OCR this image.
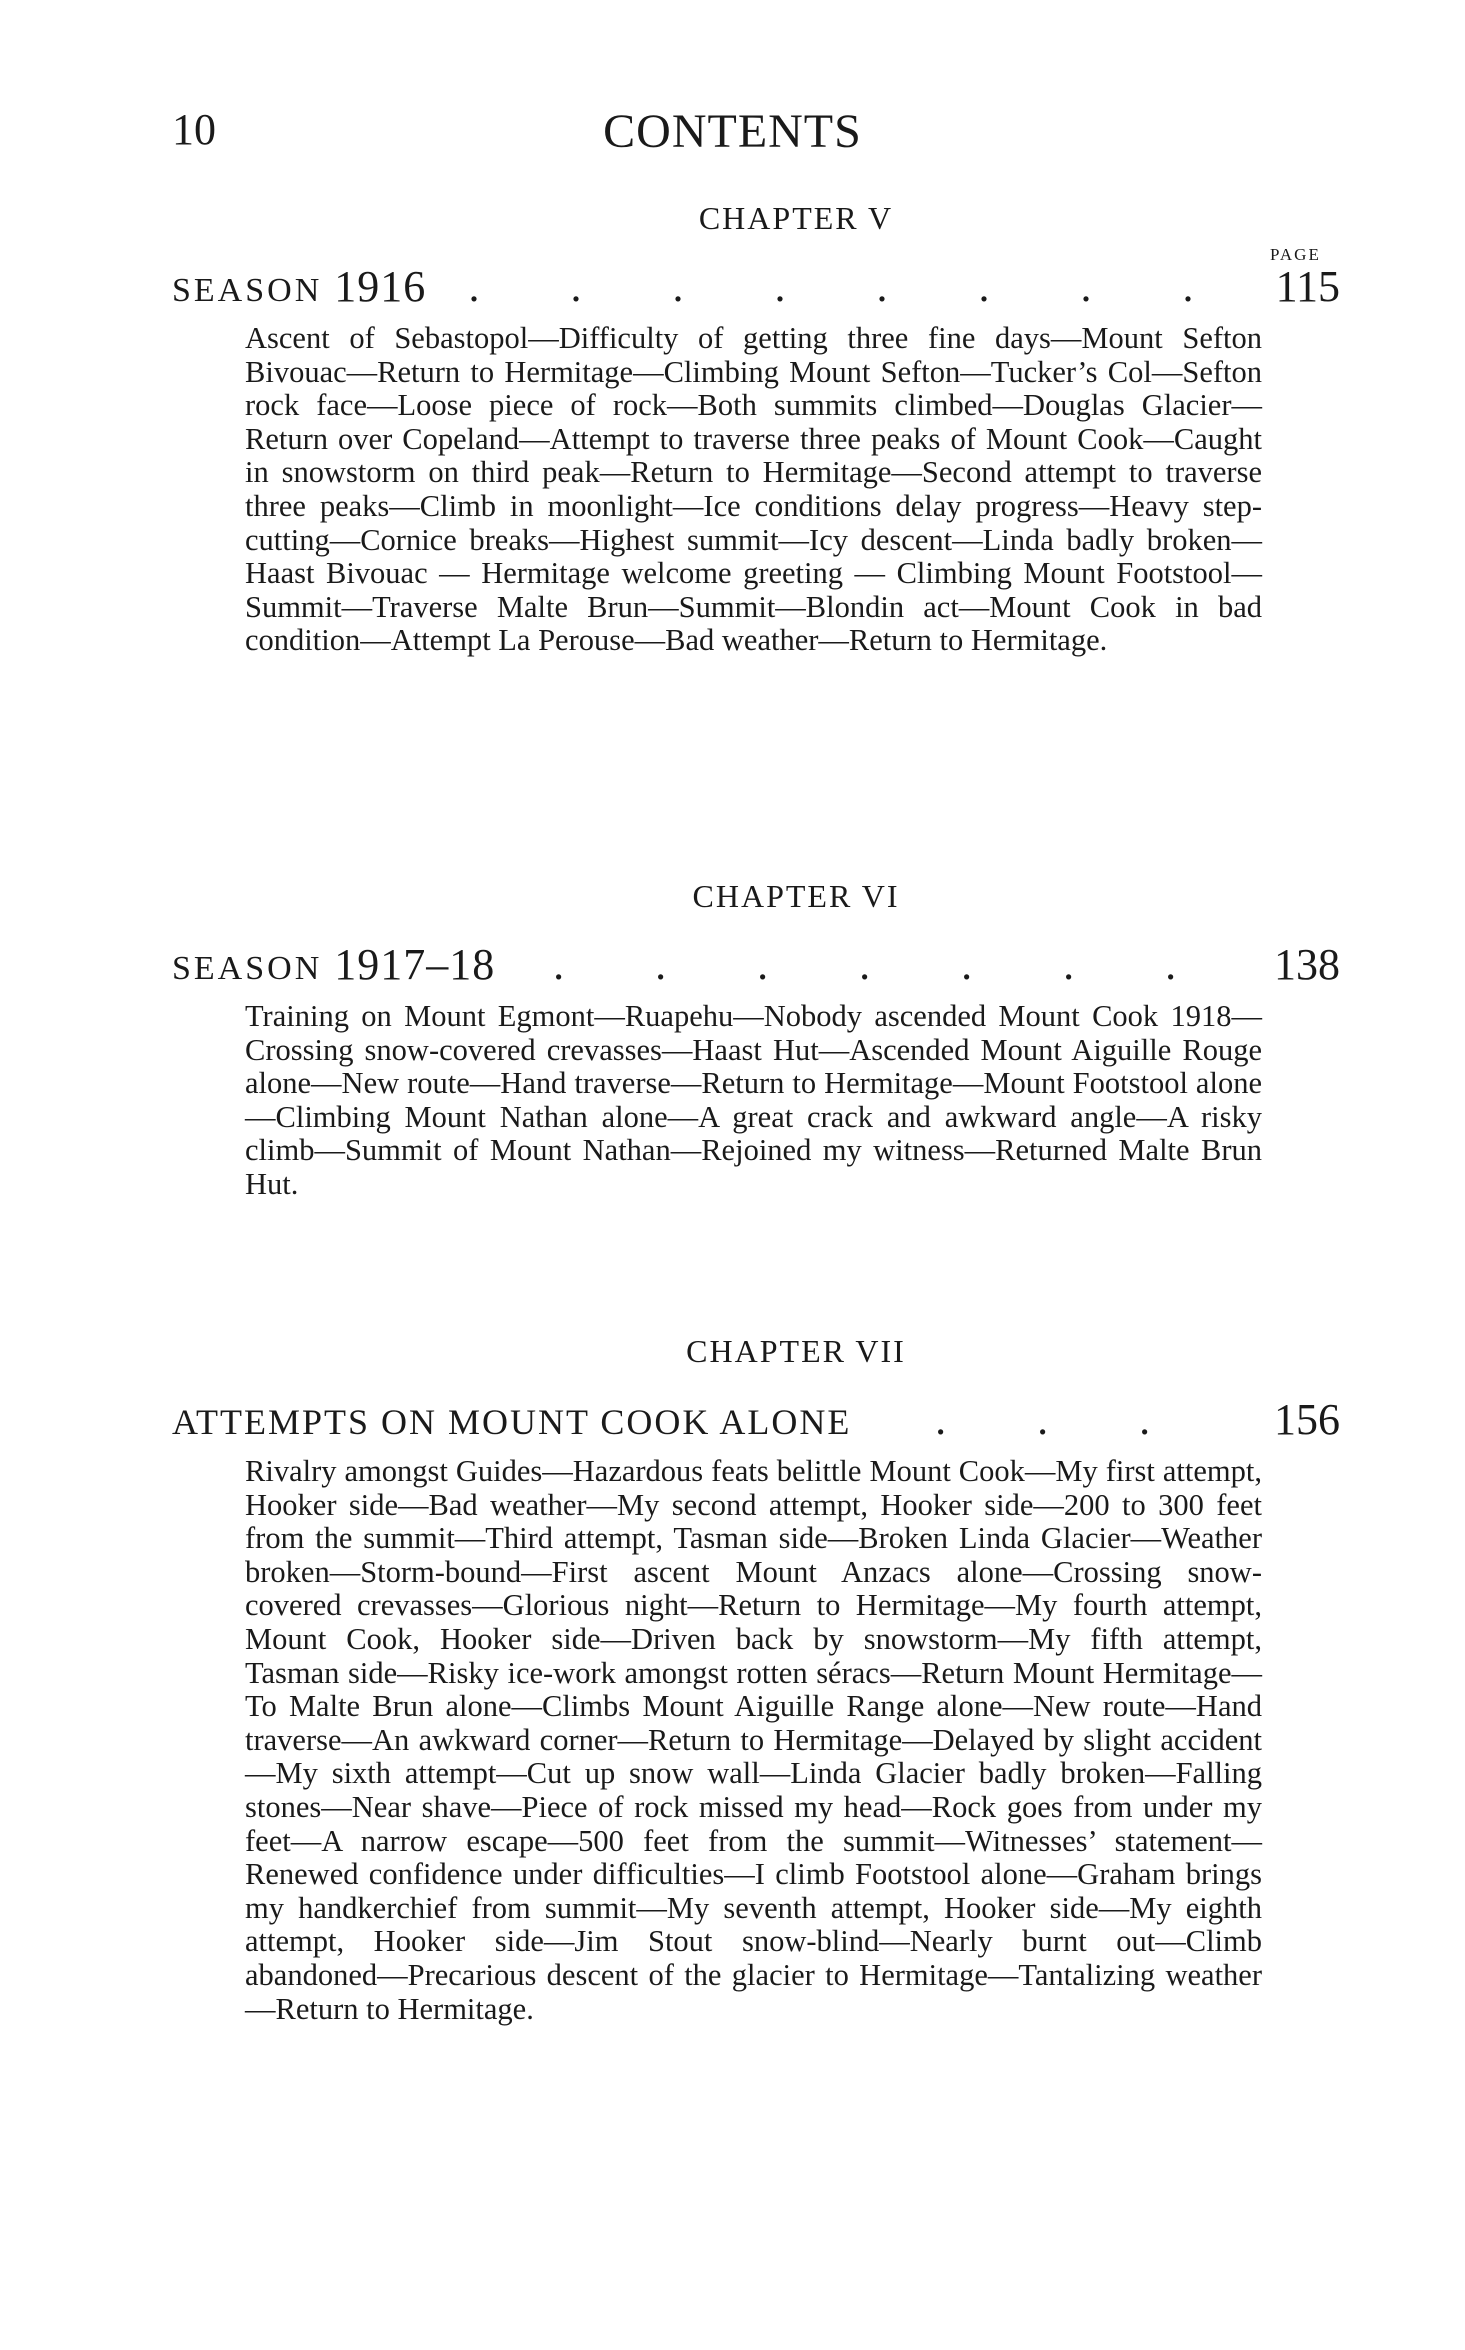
10	CONTENTS
PAGE
CHAPTER V
SEASON 1916 . . . . . . . . 115

Ascent of Sebastopol—Difficulty of getting three fine days—Mount Sefton Bivouac—Return to Hermitage—Climbing Mount Sefton—Tucker’s Col—Sefton rock face—Loose piece of rock—Both summits climbed—Douglas Glacier—Return over Copeland—Attempt to traverse three peaks of Mount Cook—Caught in snowstorm on third peak—Return to Hermitage—Second attempt to traverse three peaks—Climb in moonlight—Ice conditions delay progress—Heavy step-cutting—Cornice breaks—Highest summit—Icy descent—Linda badly broken—Haast Bivouac — Hermitage welcome greeting — Climbing Mount Footstool—Summit—Traverse Malte Brun—Summit—Blondin act—Mount Cook in bad condition—Attempt La Perouse—Bad weather—Return to Hermitage.

CHAPTER VI
SEASON 1917–18	. . . . . . .	138

Training on Mount Egmont—Ruapehu—Nobody ascended Mount Cook 1918—Crossing snow-covered crevasses—Haast Hut—Ascended Mount Aiguille Rouge alone—New route—Hand traverse—Return to Hermitage—Mount Footstool alone—Climbing Mount Nathan alone—A great crack and awkward angle—A risky climb—Summit of Mount Nathan—Rejoined my witness—Returned Malte Brun Hut.

CHAPTER VII
ATTEMPTS ON MOUNT COOK ALONE	. . .	156

Rivalry amongst Guides—Hazardous feats belittle Mount Cook—My first attempt, Hooker side—Bad weather—My second attempt, Hooker side—200 to 300 feet from the summit—Third attempt, Tasman side—Broken Linda Glacier—Weather broken—Storm-bound—First ascent Mount Anzacs alone—Crossing snow-covered crevasses—Glorious night—Return to Hermitage—My fourth attempt, Mount Cook, Hooker side—Driven back by snowstorm—My fifth attempt, Tasman side—Risky ice-work amongst rotten séracs—Return Mount Hermitage—To Malte Brun alone—Climbs Mount Aiguille Range alone—New route—Hand traverse—An awkward corner—Return to Hermitage—Delayed by slight accident—My sixth attempt—Cut up snow wall—Linda Glacier badly broken—Falling stones—Near shave—Piece of rock missed my head—Rock goes from under my feet—A narrow escape—500 feet from the summit—Witnesses’ statement—Renewed confidence under difficulties—I climb Footstool alone—Graham brings my handkerchief from summit—My seventh attempt, Hooker side—My eighth attempt, Hooker side—Jim Stout snow-blind—Nearly burnt out—Climb abandoned—Precarious descent of the glacier to Hermitage—Tantalizing weather—Return to Hermitage.
